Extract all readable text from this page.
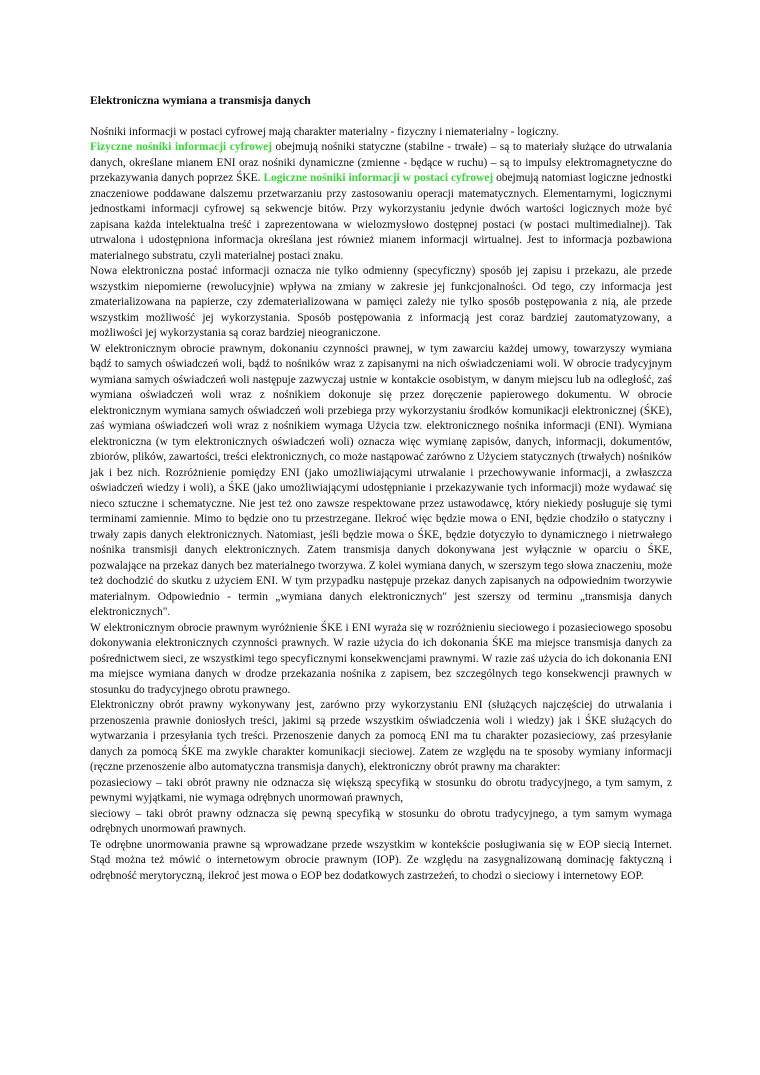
Elektroniczna wymiana a transmisja danych

Nośniki informacji w postaci cyfrowej mają charakter materialny - fizyczny i niematerialny - logiczny.
Fizyczne nośniki informacji cyfrowej obejmują nośniki statyczne (stabilne - trwałe) – są to materiały służące do utrwalania danych, określane mianem ENI oraz nośniki dynamiczne (zmienne - będące w ruchu) – są to impulsy elektromagnetyczne do przekazywania danych poprzez ŚKE. Logiczne nośniki informacji w postaci cyfrowej obejmują natomiast logiczne jednostki znaczeniowe poddawane dalszemu przetwarzaniu przy zastosowaniu operacji matematycznych. Elementarnymi, logicznymi jednostkami informacji cyfrowej są sekwencje bitów. Przy wykorzystaniu jedynie dwóch wartości logicznych może być zapisana każda intelektualna treść i zaprezentowana w wielozmysłowo dostępnej postaci (w postaci multimedialnej). Tak utrwalona i udostępniona informacja określana jest również mianem informacji wirtualnej. Jest to informacja pozbawiona materialnego substratu, czyli materialnej postaci znaku.

Nowa elektroniczna postać informacji oznacza nie tylko odmienny (specyficzny) sposób jej zapisu i przekazu, ale przede wszystkim niepomierne (rewolucyjnie) wpływa na zmiany w zakresie jej funkcjonalności. Od tego, czy informacja jest zmaterializowana na papierze, czy zdematerializowana w pamięci zależy nie tylko sposób postępowania z nią, ale przede wszystkim możliwość jej wykorzystania. Sposób postępowania z informacją jest coraz bardziej zautomatyzowany, a możliwości jej wykorzystania są coraz bardziej nieograniczone.

W elektronicznym obrocie prawnym, dokonaniu czynności prawnej, w tym zawarciu każdej umowy, towarzyszy wymiana bądź to samych oświadczeń woli, bądź to nośników wraz z zapisanymi na nich oświadczeniami woli. W obrocie tradycyjnym wymiana samych oświadczeń woli następuje zazwyczaj ustnie w kontakcie osobistym, w danym miejscu lub na odległość, zaś wymiana oświadczeń woli wraz z nośnikiem dokonuje się przez doręczenie papierowego dokumentu. W obrocie elektronicznym wymiana samych oświadczeń woli przebiega przy wykorzystaniu środków komunikacji elektronicznej (ŚKE), zaś wymiana oświadczeń woli wraz z nośnikiem wymaga Użycia tzw. elektronicznego nośnika informacji (ENI). Wymiana elektroniczna (w tym elektronicznych oświadczeń woli) oznacza więc wymianę zapisów, danych, informacji, dokumentów, zbiorów, plików, zawartości, treści elektronicznych, co może nastąpować zarówno z Użyciem statycznych (trwałych) nośników jak i bez nich. Rozróżnienie pomiędzy ENI (jako umożliwiającymi utrwalanie i przechowywanie informacji, a zwłaszcza oświadczeń wiedzy i woli), a ŚKE (jako umożliwiającymi udostępnianie i przekazywanie tych informacji) może wydawać się nieco sztuczne i schematyczne. Nie jest też ono zawsze respektowane przez ustawodawcę, który niekiedy posługuje się tymi terminami zamiennie. Mimo to będzie ono tu przestrzegane. Ilekroć więc będzie mowa o ENI, będzie chodziło o statyczny i trwały zapis danych elektronicznych. Natomiast, jeśli będzie mowa o ŚKE, będzie dotyczyło to dynamicznego i nietrwałego nośnika transmisji danych elektronicznych. Zatem transmisja danych dokonywana jest wyłącznie w oparciu o ŚKE, pozwalające na przekaz danych bez materialnego tworzywa. Z kolei wymiana danych, w szerszym tego słowa znaczeniu, może też dochodzić do skutku z użyciem ENI. W tym przypadku następuje przekaz danych zapisanych na odpowiednim tworzywie materialnym. Odpowiednio - termin „wymiana danych elektronicznych" jest szerszy od terminu „transmisja danych elektronicznych".

W elektronicznym obrocie prawnym wyróżnienie ŚKE i ENI wyraża się w rozróżnieniu sieciowego i pozasieciowego sposobu dokonywania elektronicznych czynności prawnych. W razie użycia do ich dokonania ŚKE ma miejsce transmisja danych za pośrednictwem sieci, ze wszystkimi tego specyficznymi konsekwencjami prawnymi. W razie zaś użycia do ich dokonania ENI ma miejsce wymiana danych w drodze przekazania nośnika z zapisem, bez szczególnych tego konsekwencji prawnych w stosunku do tradycyjnego obrotu prawnego.

Elektroniczny obrót prawny wykonywany jest, zarówno przy wykorzystaniu ENI (służących najczęściej do utrwalania i przenoszenia prawnie doniosłych treści, jakimi są przede wszystkim oświadczenia woli i wiedzy) jak i ŚKE służących do wytwarzania i przesyłania tych treści. Przenoszenie danych za pomocą ENI ma tu charakter pozasieciowy, zaś przesyłanie danych za pomocą ŚKE ma zwykle charakter komunikacji sieciowej. Zatem ze względu na te sposoby wymiany informacji (ręczne przenoszenie albo automatyczna transmisja danych), elektroniczny obrót prawny ma charakter:

pozasieciowy – taki obrót prawny nie odznacza się większą specyfiką w stosunku do obrotu tradycyjnego, a tym samym, z pewnymi wyjątkami, nie wymaga odrębnych unormowań prawnych,

sieciowy – taki obrót prawny odznacza się pewną specyfiką w stosunku do obrotu tradycyjnego, a tym samym wymaga odrębnych unormowań prawnych.

Te odrębne unormowania prawne są wprowadzane przede wszystkim w kontekście posługiwania się w EOP siecią Internet. Stąd można też mówić o internetowym obrocie prawnym (IOP). Ze względu na zasygnalizowaną dominację faktyczną i odrębność merytoryczną, ilekroć jest mowa o EOP bez dodatkowych zastrzeżeń, to chodzi o sieciowy i internetowy EOP.
